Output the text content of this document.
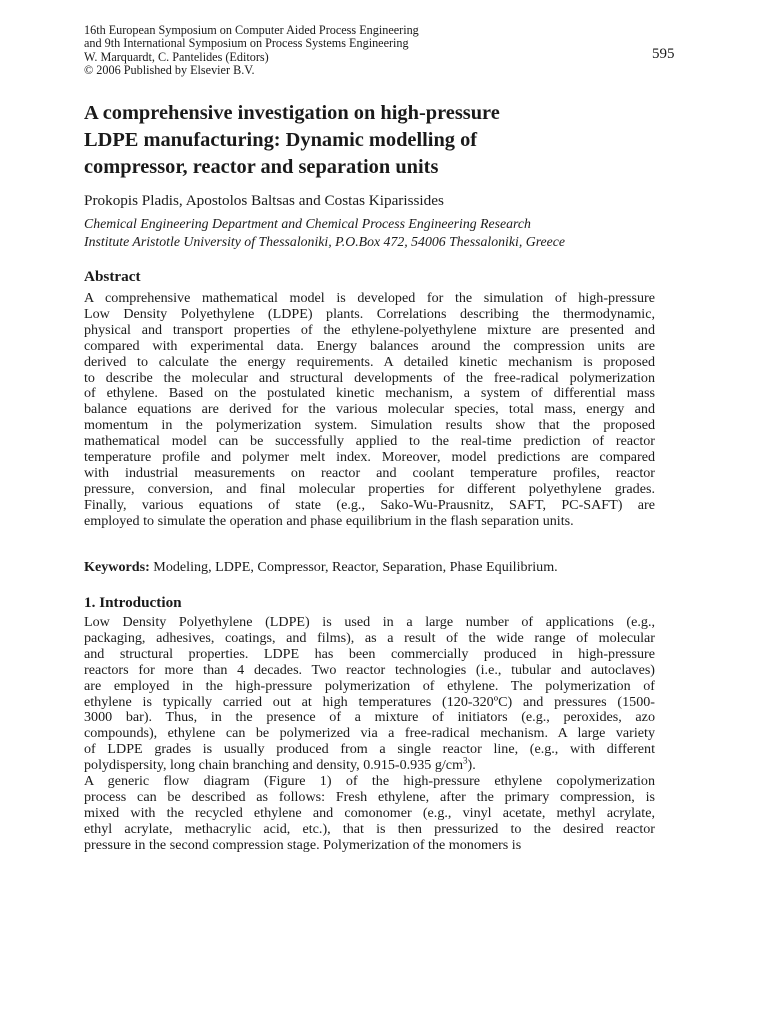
16th European Symposium on Computer Aided Process Engineering
and 9th International Symposium on Process Systems Engineering
W. Marquardt, C. Pantelides (Editors)
© 2006 Published by Elsevier B.V.
595
A comprehensive investigation on high-pressure
LDPE manufacturing: Dynamic modelling of
compressor, reactor and separation units
Prokopis Pladis, Apostolos Baltsas and Costas Kiparissides
Chemical Engineering Department and Chemical Process Engineering Research
Institute Aristotle University of Thessaloniki, P.O.Box 472, 54006 Thessaloniki, Greece
Abstract
A comprehensive mathematical model is developed for the simulation of high-pressure
Low Density Polyethylene (LDPE) plants. Correlations describing the thermodynamic,
physical and transport properties of the ethylene-polyethylene mixture are presented and
compared with experimental data. Energy balances around the compression units are
derived to calculate the energy requirements. A detailed kinetic mechanism is proposed
to describe the molecular and structural developments of the free-radical polymerization
of ethylene. Based on the postulated kinetic mechanism, a system of differential mass
balance equations are derived for the various molecular species, total mass, energy and
momentum in the polymerization system. Simulation results show that the proposed
mathematical model can be successfully applied to the real-time prediction of reactor
temperature profile and polymer melt index. Moreover, model predictions are compared
with industrial measurements on reactor and coolant temperature profiles, reactor
pressure, conversion, and final molecular properties for different polyethylene grades.
Finally, various equations of state (e.g., Sako-Wu-Prausnitz, SAFT, PC-SAFT) are
employed to simulate the operation and phase equilibrium in the flash separation units.
Keywords: Modeling, LDPE, Compressor, Reactor, Separation, Phase Equilibrium.
1. Introduction
Low Density Polyethylene (LDPE) is used in a large number of applications (e.g.,
packaging, adhesives, coatings, and films), as a result of the wide range of molecular
and structural properties. LDPE has been commercially produced in high-pressure
reactors for more than 4 decades. Two reactor technologies (i.e., tubular and autoclaves)
are employed in the high-pressure polymerization of ethylene. The polymerization of
ethylene is typically carried out at high temperatures (120-320ºC) and pressures (1500-
3000 bar). Thus, in the presence of a mixture of initiators (e.g., peroxides, azo
compounds), ethylene can be polymerized via a free-radical mechanism. A large variety
of LDPE grades is usually produced from a single reactor line, (e.g., with different
polydispersity, long chain branching and density, 0.915-0.935 $g/cm^3$).
A generic flow diagram (Figure 1) of the high-pressure ethylene copolymerization
process can be described as follows: Fresh ethylene, after the primary compression, is
mixed with the recycled ethylene and comonomer (e.g., vinyl acetate, methyl acrylate,
ethyl acrylate, methacrylic acid, etc.), that is then pressurized to the desired reactor
pressure in the second compression stage. Polymerization of the monomers is
